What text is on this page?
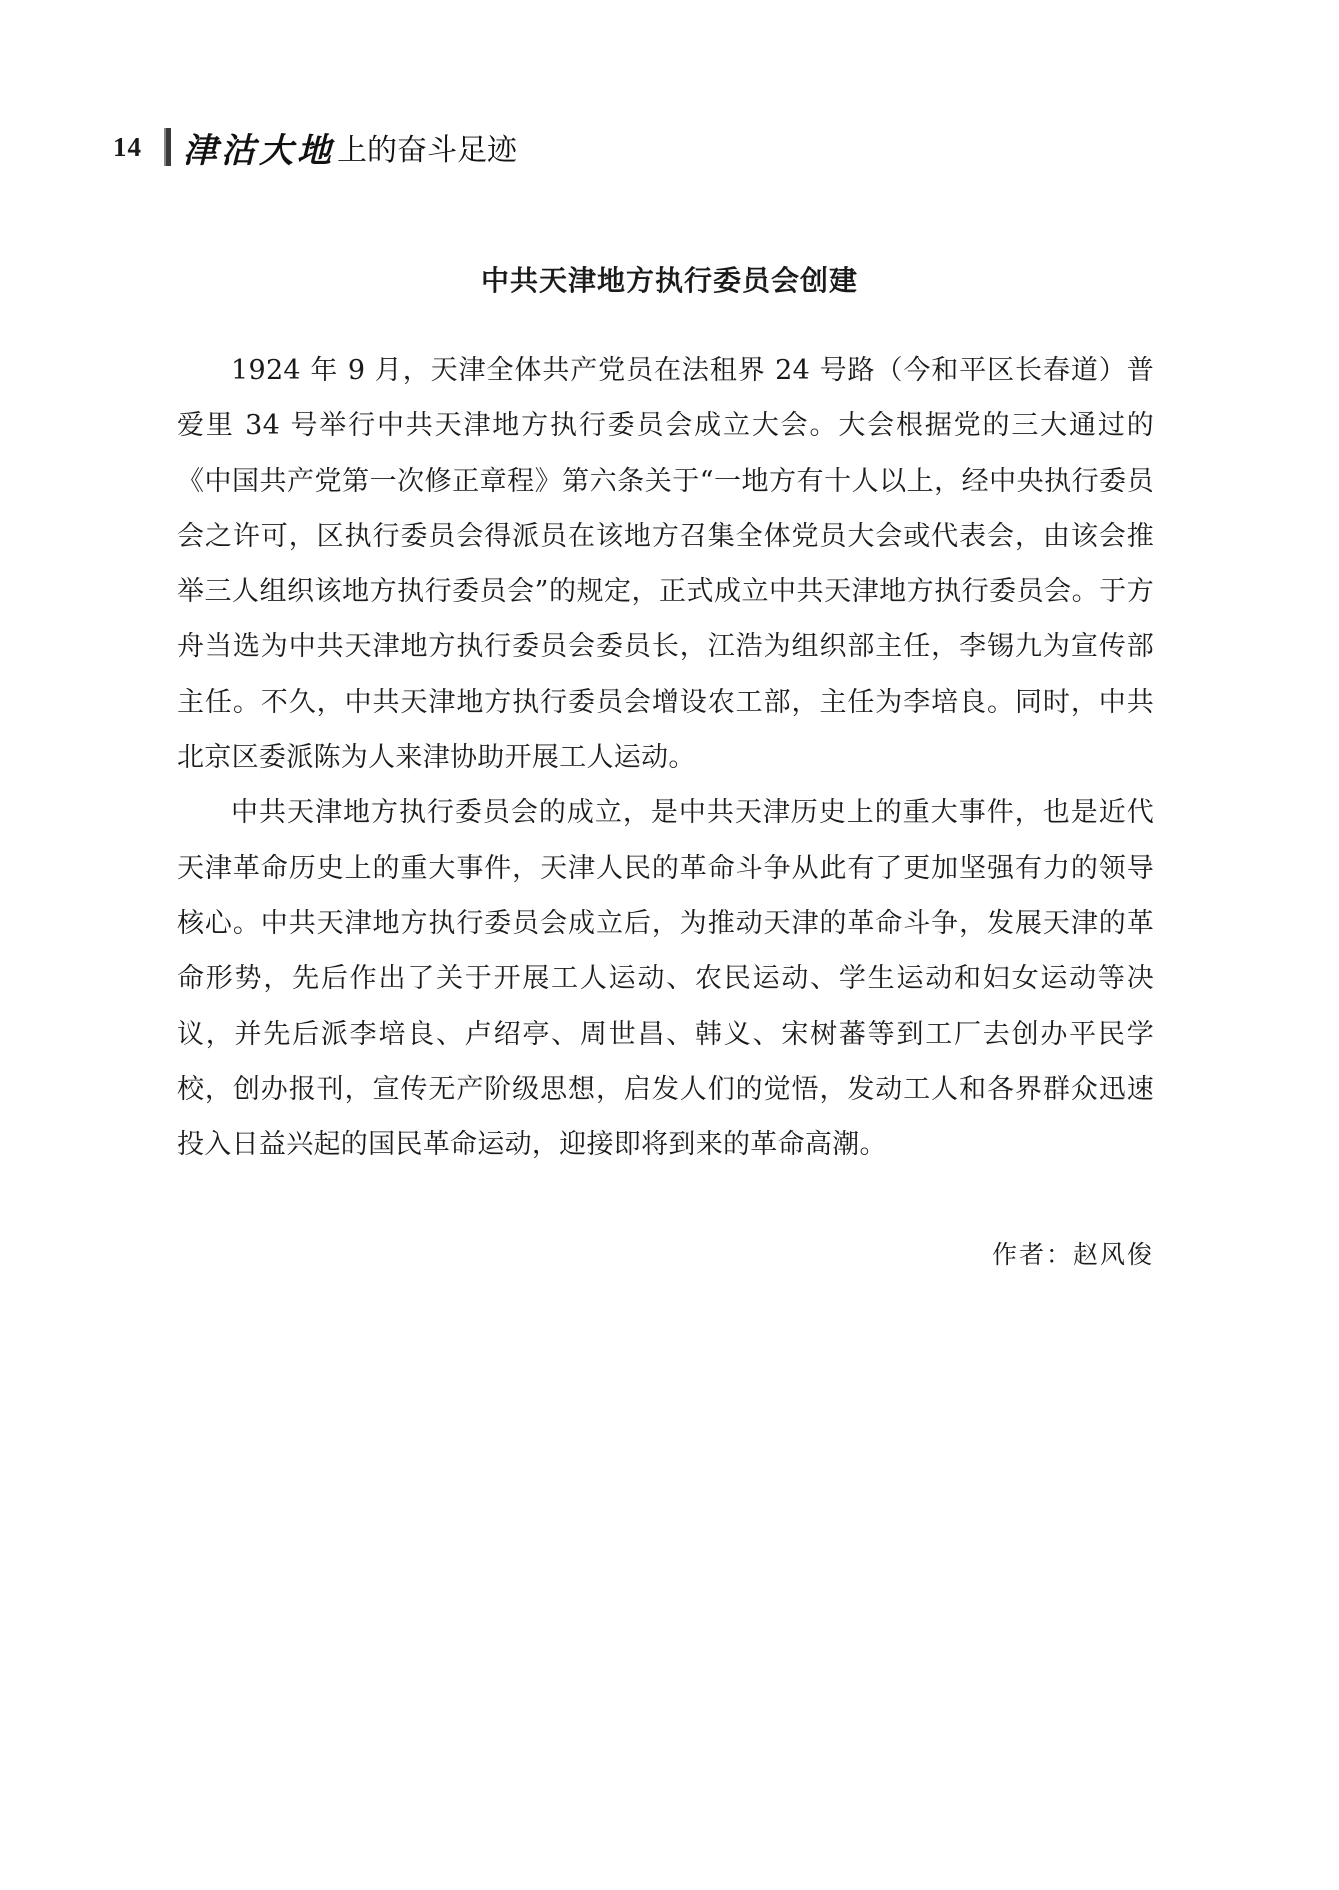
14 津沽大地 上的奋斗足迹
中共天津地方执行委员会创建

1924 年 9 月，天津全体共产党员在法租界 24 号路（今和平区长春道）普爱里 34 号举行中共天津地方执行委员会成立大会。大会根据党的三大通过的《中国共产党第一次修正章程》第六条关于“一地方有十人以上，经中央执行委员会之许可，区执行委员会得派员在该地方召集全体党员大会或代表会，由该会推举三人组织该地方执行委员会”的规定，正式成立中共天津地方执行委员会。于方舟当选为中共天津地方执行委员会委员长，江浩为组织部主任，李锡九为宣传部主任。不久，中共天津地方执行委员会增设农工部，主任为李培良。同时，中共北京区委派陈为人来津协助开展工人运动。

中共天津地方执行委员会的成立，是中共天津历史上的重大事件，也是近代天津革命历史上的重大事件，天津人民的革命斗争从此有了更加坚强有力的领导核心。中共天津地方执行委员会成立后，为推动天津的革命斗争，发展天津的革命形势，先后作出了关于开展工人运动、农民运动、学生运动和妇女运动等决议，并先后派李培良、卢绍亭、周世昌、韩义、宋树蕃等到工厂去创办平民学校，创办报刊，宣传无产阶级思想，启发人们的觉悟，发动工人和各界群众迅速投入日益兴起的国民革命运动，迎接即将到来的革命高潮。

作者：赵风俊
